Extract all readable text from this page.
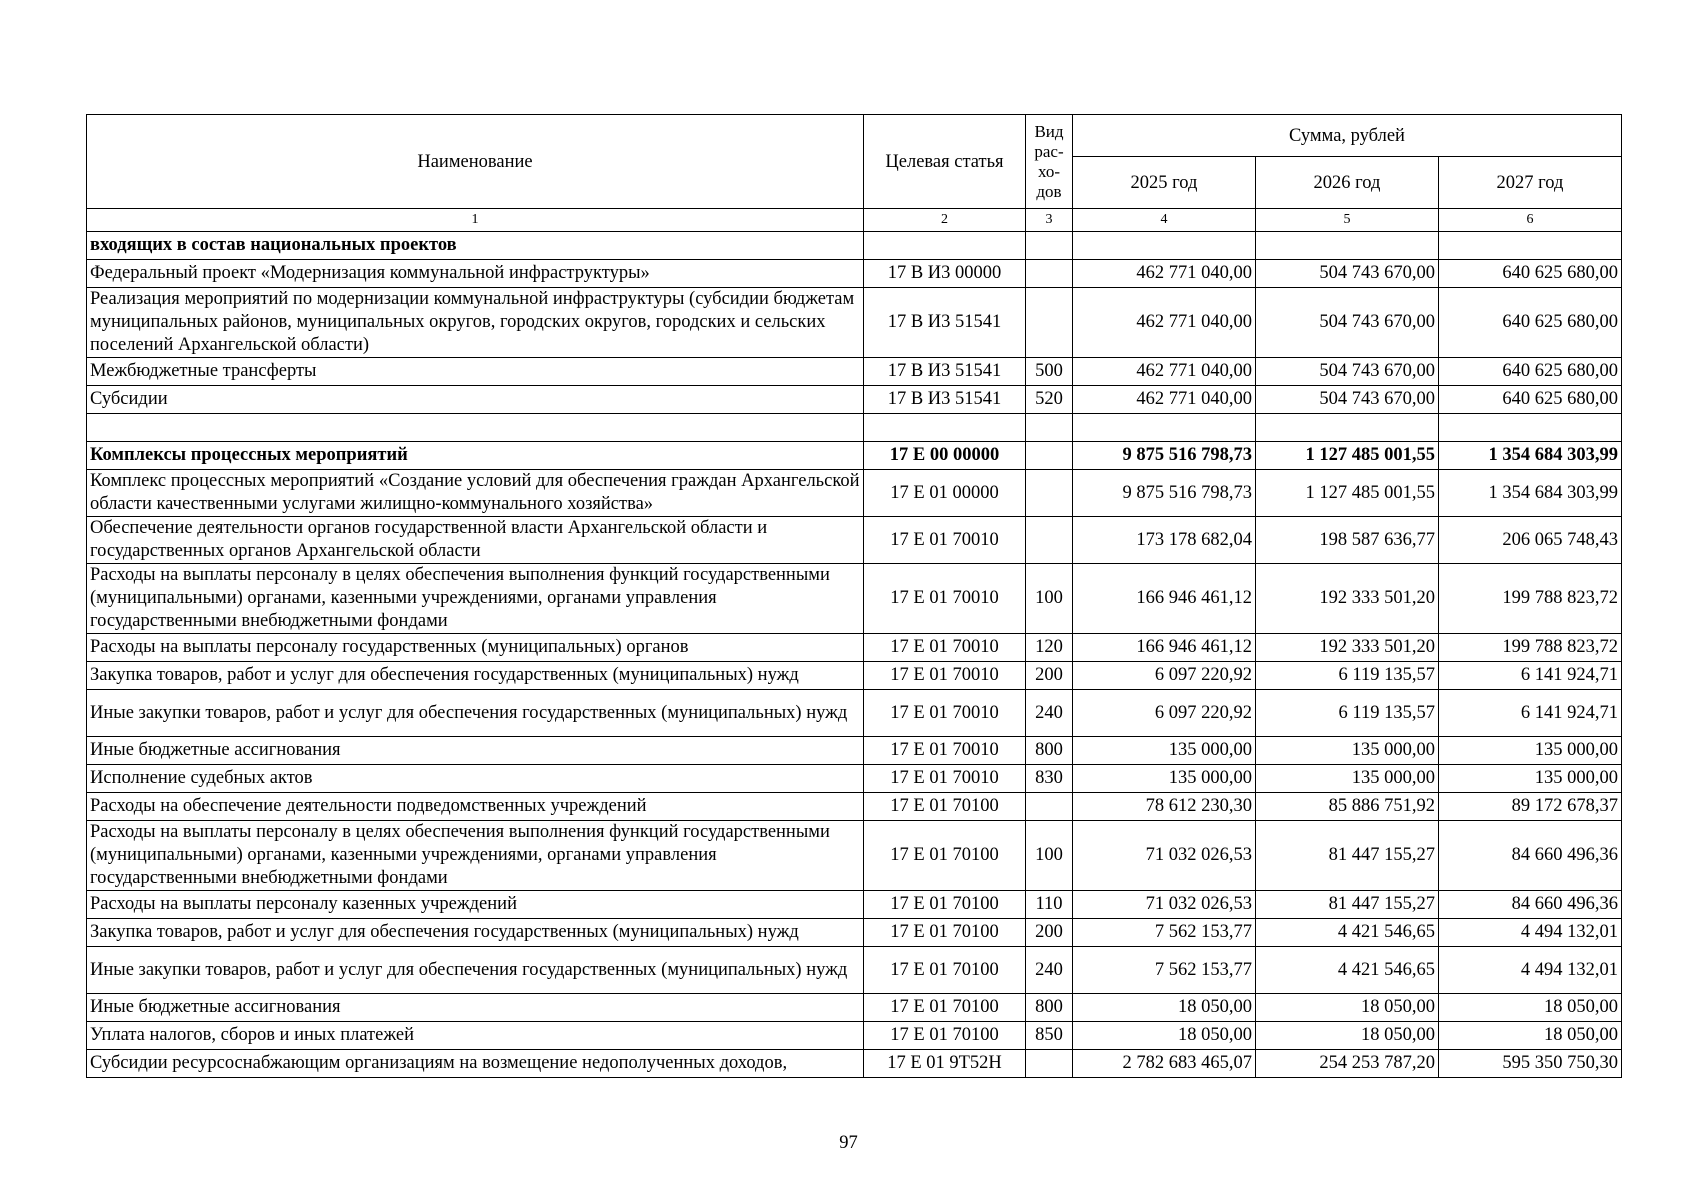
Наименование	Целевая статья	Вид
рас-
хо-
дов	Сумма, рублей		
			2025 год	2026 год	2027 год
1	2	3	4	5	6
входящих в состав национальных проектов					
Федеральный проект «Модернизация коммунальной инфраструктуры»	17 В И3 00000		462 771 040,00	504 743 670,00	640 625 680,00
Реализация мероприятий по модернизации коммунальной инфраструктуры (субсидии бюджетам муниципальных районов, муниципальных округов, городских округов, городских и сельских поселений Архангельской области)	17 В И3 51541		462 771 040,00	504 743 670,00	640 625 680,00
Межбюджетные трансферты	17 В И3 51541	500	462 771 040,00	504 743 670,00	640 625 680,00
Субсидии	17 В И3 51541	520	462 771 040,00	504 743 670,00	640 625 680,00

Комплексы процессных мероприятий	17 Е 00 00000		9 875 516 798,73	1 127 485 001,55	1 354 684 303,99
Комплекс процессных мероприятий «Создание условий для обеспечения граждан Архангельской области качественными услугами жилищно-коммунального хозяйства»	17 Е 01 00000		9 875 516 798,73	1 127 485 001,55	1 354 684 303,99
Обеспечение деятельности органов государственной власти Архангельской области и государственных органов Архангельской области	17 Е 01 70010		173 178 682,04	198 587 636,77	206 065 748,43
Расходы на выплаты персоналу в целях обеспечения выполнения функций государственными (муниципальными) органами, казенными учреждениями, органами управления государственными внебюджетными фондами	17 Е 01 70010	100	166 946 461,12	192 333 501,20	199 788 823,72
Расходы на выплаты персоналу государственных (муниципальных) органов	17 Е 01 70010	120	166 946 461,12	192 333 501,20	199 788 823,72
Закупка товаров, работ и услуг для обеспечения государственных (муниципальных) нужд	17 Е 01 70010	200	6 097 220,92	6 119 135,57	6 141 924,71
Иные закупки товаров, работ и услуг для обеспечения государственных (муниципальных) нужд	17 Е 01 70010	240	6 097 220,92	6 119 135,57	6 141 924,71
Иные бюджетные ассигнования	17 Е 01 70010	800	135 000,00	135 000,00	135 000,00
Исполнение судебных актов	17 Е 01 70010	830	135 000,00	135 000,00	135 000,00
Расходы на обеспечение деятельности подведомственных учреждений	17 Е 01 70100		78 612 230,30	85 886 751,92	89 172 678,37
Расходы на выплаты персоналу в целях обеспечения выполнения функций государственными (муниципальными) органами, казенными учреждениями, органами управления государственными внебюджетными фондами	17 Е 01 70100	100	71 032 026,53	81 447 155,27	84 660 496,36
Расходы на выплаты персоналу казенных учреждений	17 Е 01 70100	110	71 032 026,53	81 447 155,27	84 660 496,36
Закупка товаров, работ и услуг для обеспечения государственных (муниципальных) нужд	17 Е 01 70100	200	7 562 153,77	4 421 546,65	4 494 132,01
Иные закупки товаров, работ и услуг для обеспечения государственных (муниципальных) нужд	17 Е 01 70100	240	7 562 153,77	4 421 546,65	4 494 132,01
Иные бюджетные ассигнования	17 Е 01 70100	800	18 050,00	18 050,00	18 050,00
Уплата налогов, сборов и иных платежей	17 Е 01 70100	850	18 050,00	18 050,00	18 050,00
Субсидии ресурсоснабжающим организациям на возмещение недополученных доходов,	17 Е 01 9Т52Н		2 782 683 465,07	254 253 787,20	595 350 750,30
97
